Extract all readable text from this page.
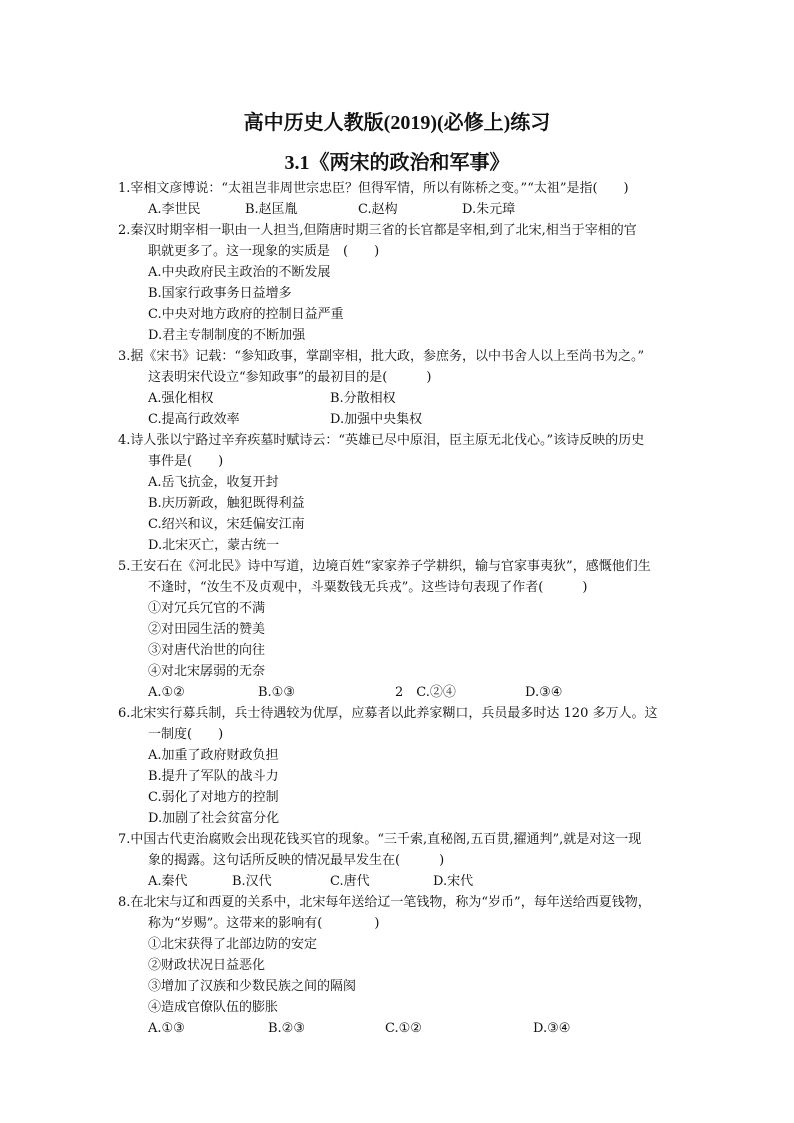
高中历史人教版(2019)(必修上)练习
3.1《两宋的政治和军事》
1.宰相文彦博说：“太祖岂非周世宗忠臣？但得军情，所以有陈桥之变。”“太祖”是指(　　)
A.李世民	B.赵匡胤	C.赵构	D.朱元璋
2.秦汉时期宰相一职由一人担当,但隋唐时期三省的长官都是宰相,到了北宋,相当于宰相的官
职就更多了。这一现象的实质是　(　　)
A.中央政府民主政治的不断发展
B.国家行政事务日益增多
C.中央对地方政府的控制日益严重
D.君主专制制度的不断加强
3.据《宋书》记载：“参知政事，掌副宰相，批大政，参庶务，以中书舍人以上至尚书为之。”
这表明宋代设立“参知政事”的最初目的是(　　　)
A.强化相权	B.分散相权
C.提高行政效率	D.加强中央集权
4.诗人张以宁路过辛弃疾墓时赋诗云：“英雄已尽中原泪，臣主原无北伐心。”该诗反映的历史
事件是(　　)
A.岳飞抗金，收复开封
B.庆历新政，触犯既得利益
C.绍兴和议，宋廷偏安江南
D.北宋灭亡，蒙古统一
5.王安石在《河北民》诗中写道，边境百姓“家家养子学耕织，输与官家事夷狄”，感慨他们生
不逢时，“汝生不及贞观中，斗粟数钱无兵戎”。这些诗句表现了作者(　　　)
①对冗兵冗官的不满
②对田园生活的赞美
③对唐代治世的向往
④对北宋孱弱的无奈
A.①②	B.①③	2　C.②④	D.③④
6.北宋实行募兵制，兵士待遇较为优厚，应募者以此养家糊口，兵员最多时达 120 多万人。这
一制度(　　)
A.加重了政府财政负担
B.提升了军队的战斗力
C.弱化了对地方的控制
D.加剧了社会贫富分化
7.中国古代吏治腐败会出现花钱买官的现象。“三千索,直秘阁,五百贯,擢通判”,就是对这一现
象的揭露。这句话所反映的情况最早发生在(　　　)
A.秦代	B.汉代	C.唐代	D.宋代
8.在北宋与辽和西夏的关系中，北宋每年送给辽一笔钱物，称为“岁币”，每年送给西夏钱物，
称为“岁赐”。这带来的影响有(　　　　)
①北宋获得了北部边防的安定
②财政状况日益恶化
③增加了汉族和少数民族之间的隔阂
④造成官僚队伍的膨胀
A.①③	B.②③	C.①②	D.③④
